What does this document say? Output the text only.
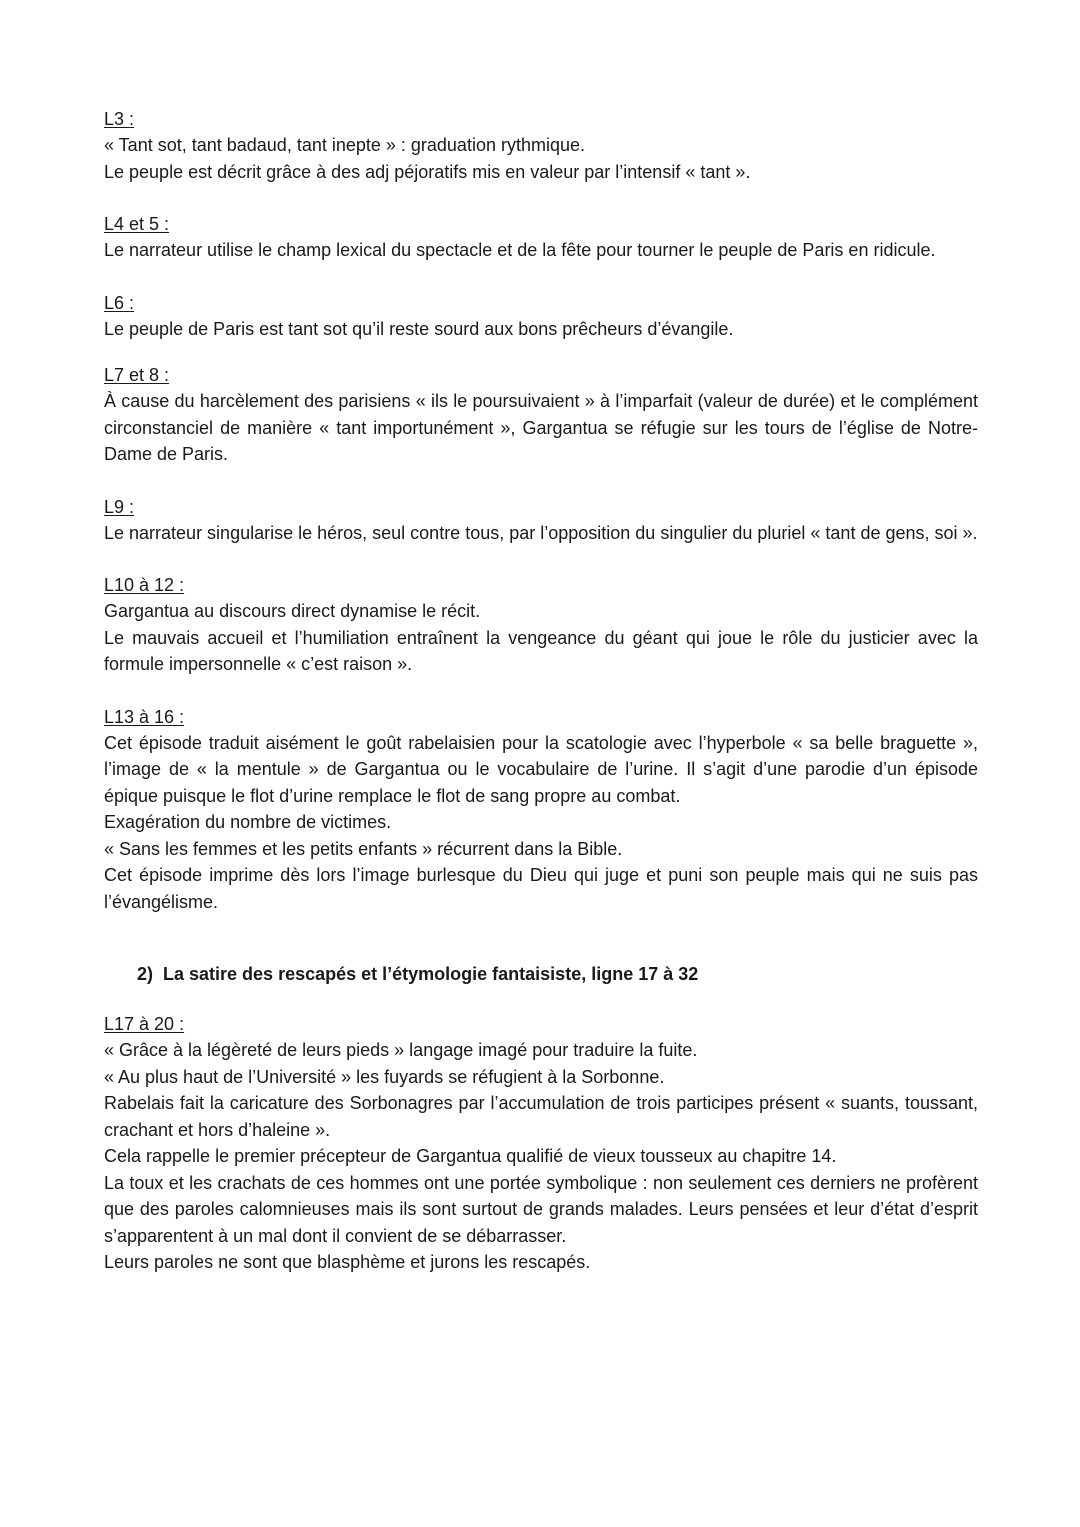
L3 :

« Tant sot, tant badaud, tant inepte » : graduation rythmique.

Le peuple est décrit grâce à des adj péjoratifs mis en valeur par l’intensif « tant ».

L4 et 5 :

Le narrateur utilise le champ lexical du spectacle et de la fête pour tourner le peuple de Paris en ridicule.

L6 :

Le peuple de Paris est tant sot qu’il reste sourd aux bons prêcheurs d’évangile.

L7 et 8 :

À cause du harcèlement des parisiens « ils le poursuivaient » à l’imparfait (valeur de durée) et le complément circonstanciel de manière « tant importunément », Gargantua se réfugie sur les tours de l’église de Notre-Dame de Paris.

L9 :

Le narrateur singularise le héros, seul contre tous, par l’opposition du singulier du pluriel « tant de gens, soi ».

L10 à 12 :

Gargantua au discours direct dynamise le récit.

Le mauvais accueil et l’humiliation entraînent la vengeance du géant qui joue le rôle du justicier avec la formule impersonnelle « c’est raison ».

L13 à 16 :

Cet épisode traduit aisément le goût rabelaisien pour la scatologie avec l’hyperbole « sa belle braguette », l’image de « la mentule » de Gargantua ou le vocabulaire de l’urine. Il s’agit d’une parodie d’un épisode épique puisque le flot d’urine remplace le flot de sang propre au combat.

Exagération du nombre de victimes.

« Sans les femmes et les petits enfants » récurrent dans la Bible.

Cet épisode imprime dès lors l’image burlesque du Dieu qui juge et puni son peuple mais qui ne suis pas l’évangélisme.

2) La satire des rescapés et l’étymologie fantaisiste, ligne 17 à 32
L17 à 20 :

« Grâce à la légèreté de leurs pieds » langage imagé pour traduire la fuite.

« Au plus haut de l’Université » les fuyards se réfugient à la Sorbonne.

Rabelais fait la caricature des Sorbonagres par l’accumulation de trois participes présent « suants, toussant, crachant et hors d’haleine ».

Cela rappelle le premier précepteur de Gargantua qualifié de vieux tousseux au chapitre 14.

La toux et les crachats de ces hommes ont une portée symbolique : non seulement ces derniers ne profèrent que des paroles calomnieuses mais ils sont surtout de grands malades. Leurs pensées et leur d’état d’esprit s’apparentent à un mal dont il convient de se débarrasser.

Leurs paroles ne sont que blasphème et jurons les rescapés.
